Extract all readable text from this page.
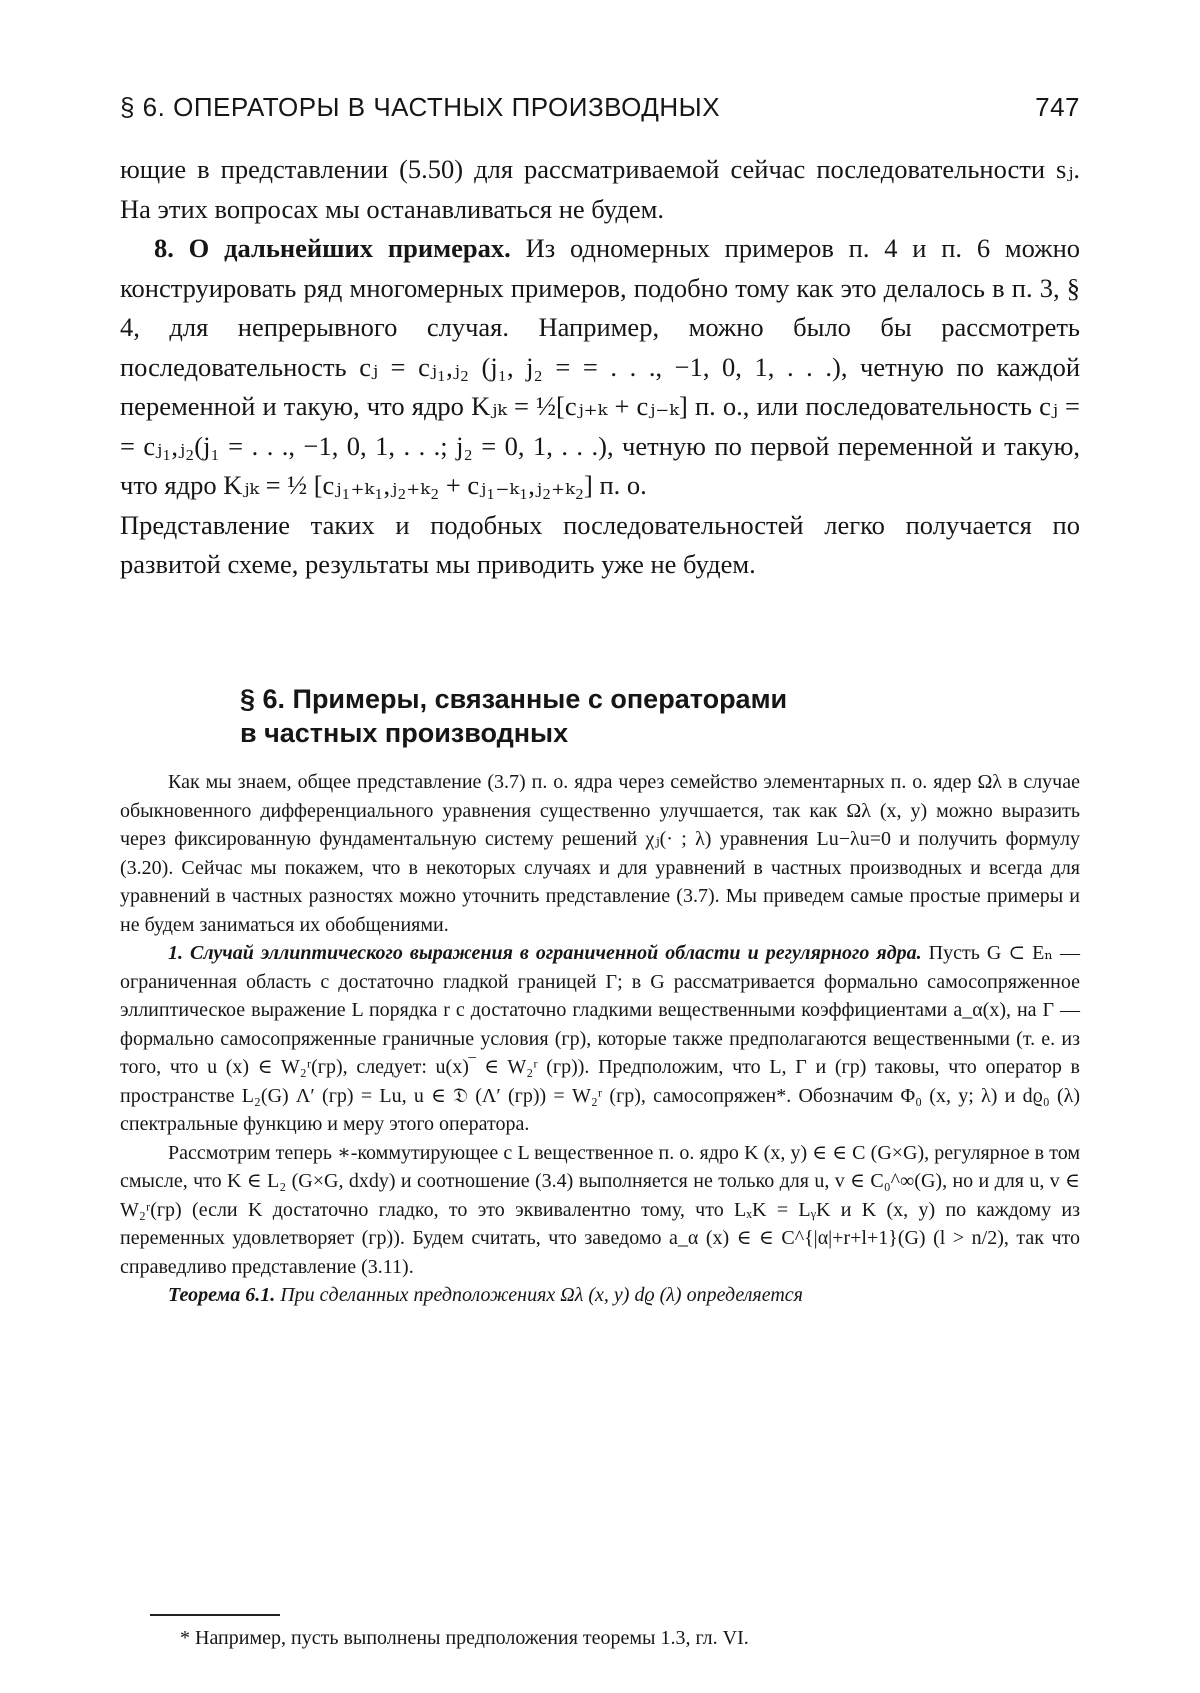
§ 6. ОПЕРАТОРЫ В ЧАСТНЫХ ПРОИЗВОДНЫХ	747

ющие в представлении (5.50) для рассматриваемой сейчас последовательности sⱼ. На этих вопросах мы останавливаться не будем.

8. О дальнейших примерах. Из одномерных примеров п. 4 и п. 6 можно конструировать ряд многомерных примеров, подобно тому как это делалось в п. 3, § 4, для непрерывного случая. Например, можно было бы рассмотреть последовательность cⱼ = cⱼ₁,ⱼ₂ (j₁, j₂ = = . . ., −1, 0, 1, . . .), четную по каждой переменной и такую, что ядро Kⱼₖ = ½[cⱼ₊ₖ + cⱼ₋ₖ] п. о., или последовательность cⱼ = = cⱼ₁,ⱼ₂(j₁ = . . ., −1, 0, 1, . . .; j₂ = 0, 1, . . .), четную по первой переменной и такую, что ядро Kⱼₖ = ½ [cⱼ₁₊ₖ₁,ⱼ₂₊ₖ₂ + cⱼ₁₋ₖ₁,ⱼ₂₊ₖ₂] п. о.

Представление таких и подобных последовательностей легко получается по развитой схеме, результаты мы приводить уже не будем.

§ 6. Примеры, связанные с операторами
в частных производных

Как мы знаем, общее представление (3.7) п. о. ядра через семейство элементарных п. о. ядер Ωλ в случае обыкновенного дифференциального уравнения существенно улучшается, так как Ωλ (x, y) можно выразить через фиксированную фундаментальную систему решений χⱼ(· ; λ) уравнения Lu−λu=0 и получить формулу (3.20). Сейчас мы покажем, что в некоторых случаях и для уравнений в частных производных и всегда для уравнений в частных разностях можно уточнить представление (3.7). Мы приведем самые простые примеры и не будем заниматься их обобщениями.

1. Случай эллиптического выражения в ограниченной области и регулярного ядра. Пусть G ⊂ Eₙ — ограниченная область с достаточно гладкой границей Γ; в G рассматривается формально самосопряженное эллиптическое выражение L порядка r с достаточно гладкими вещественными коэффициентами a_α(x), на Γ — формально самосопряженные граничные условия (гр), которые также предполагаются вещественными (т. е. из того, что u (x) ∈ W₂ʳ(гр), следует: u(x)‾ ∈ W₂ʳ (гр)). Предположим, что L, Γ и (гр) таковы, что оператор в пространстве L₂(G) Λ′ (гр) = Lu, u ∈ 𝔇 (Λ′ (гр)) = W₂ʳ (гр), самосопряжен*. Обозначим Φ₀ (x, y; λ) и dϱ₀ (λ) спектральные функцию и меру этого оператора.

Рассмотрим теперь ∗-коммутирующее с L вещественное п. о. ядро K (x, y) ∈ ∈ C (G×G), регулярное в том смысле, что K ∈ L₂ (G×G, dxdy) и соотношение (3.4) выполняется не только для u, v ∈ C₀^∞(G), но и для u, v ∈ W₂ʳ(гр) (если K достаточно гладко, то это эквивалентно тому, что LₓK = LᵧK и K (x, y) по каждому из переменных удовлетворяет (гр)). Будем считать, что заведомо a_α (x) ∈ ∈ C^{|α|+r+l+1}(G) (l > n/2), так что справедливо представление (3.11).

Теорема 6.1. При сделанных предположениях Ωλ (x, y) dϱ (λ) определяется

* Например, пусть выполнены предположения теоремы 1.3, гл. VI.
